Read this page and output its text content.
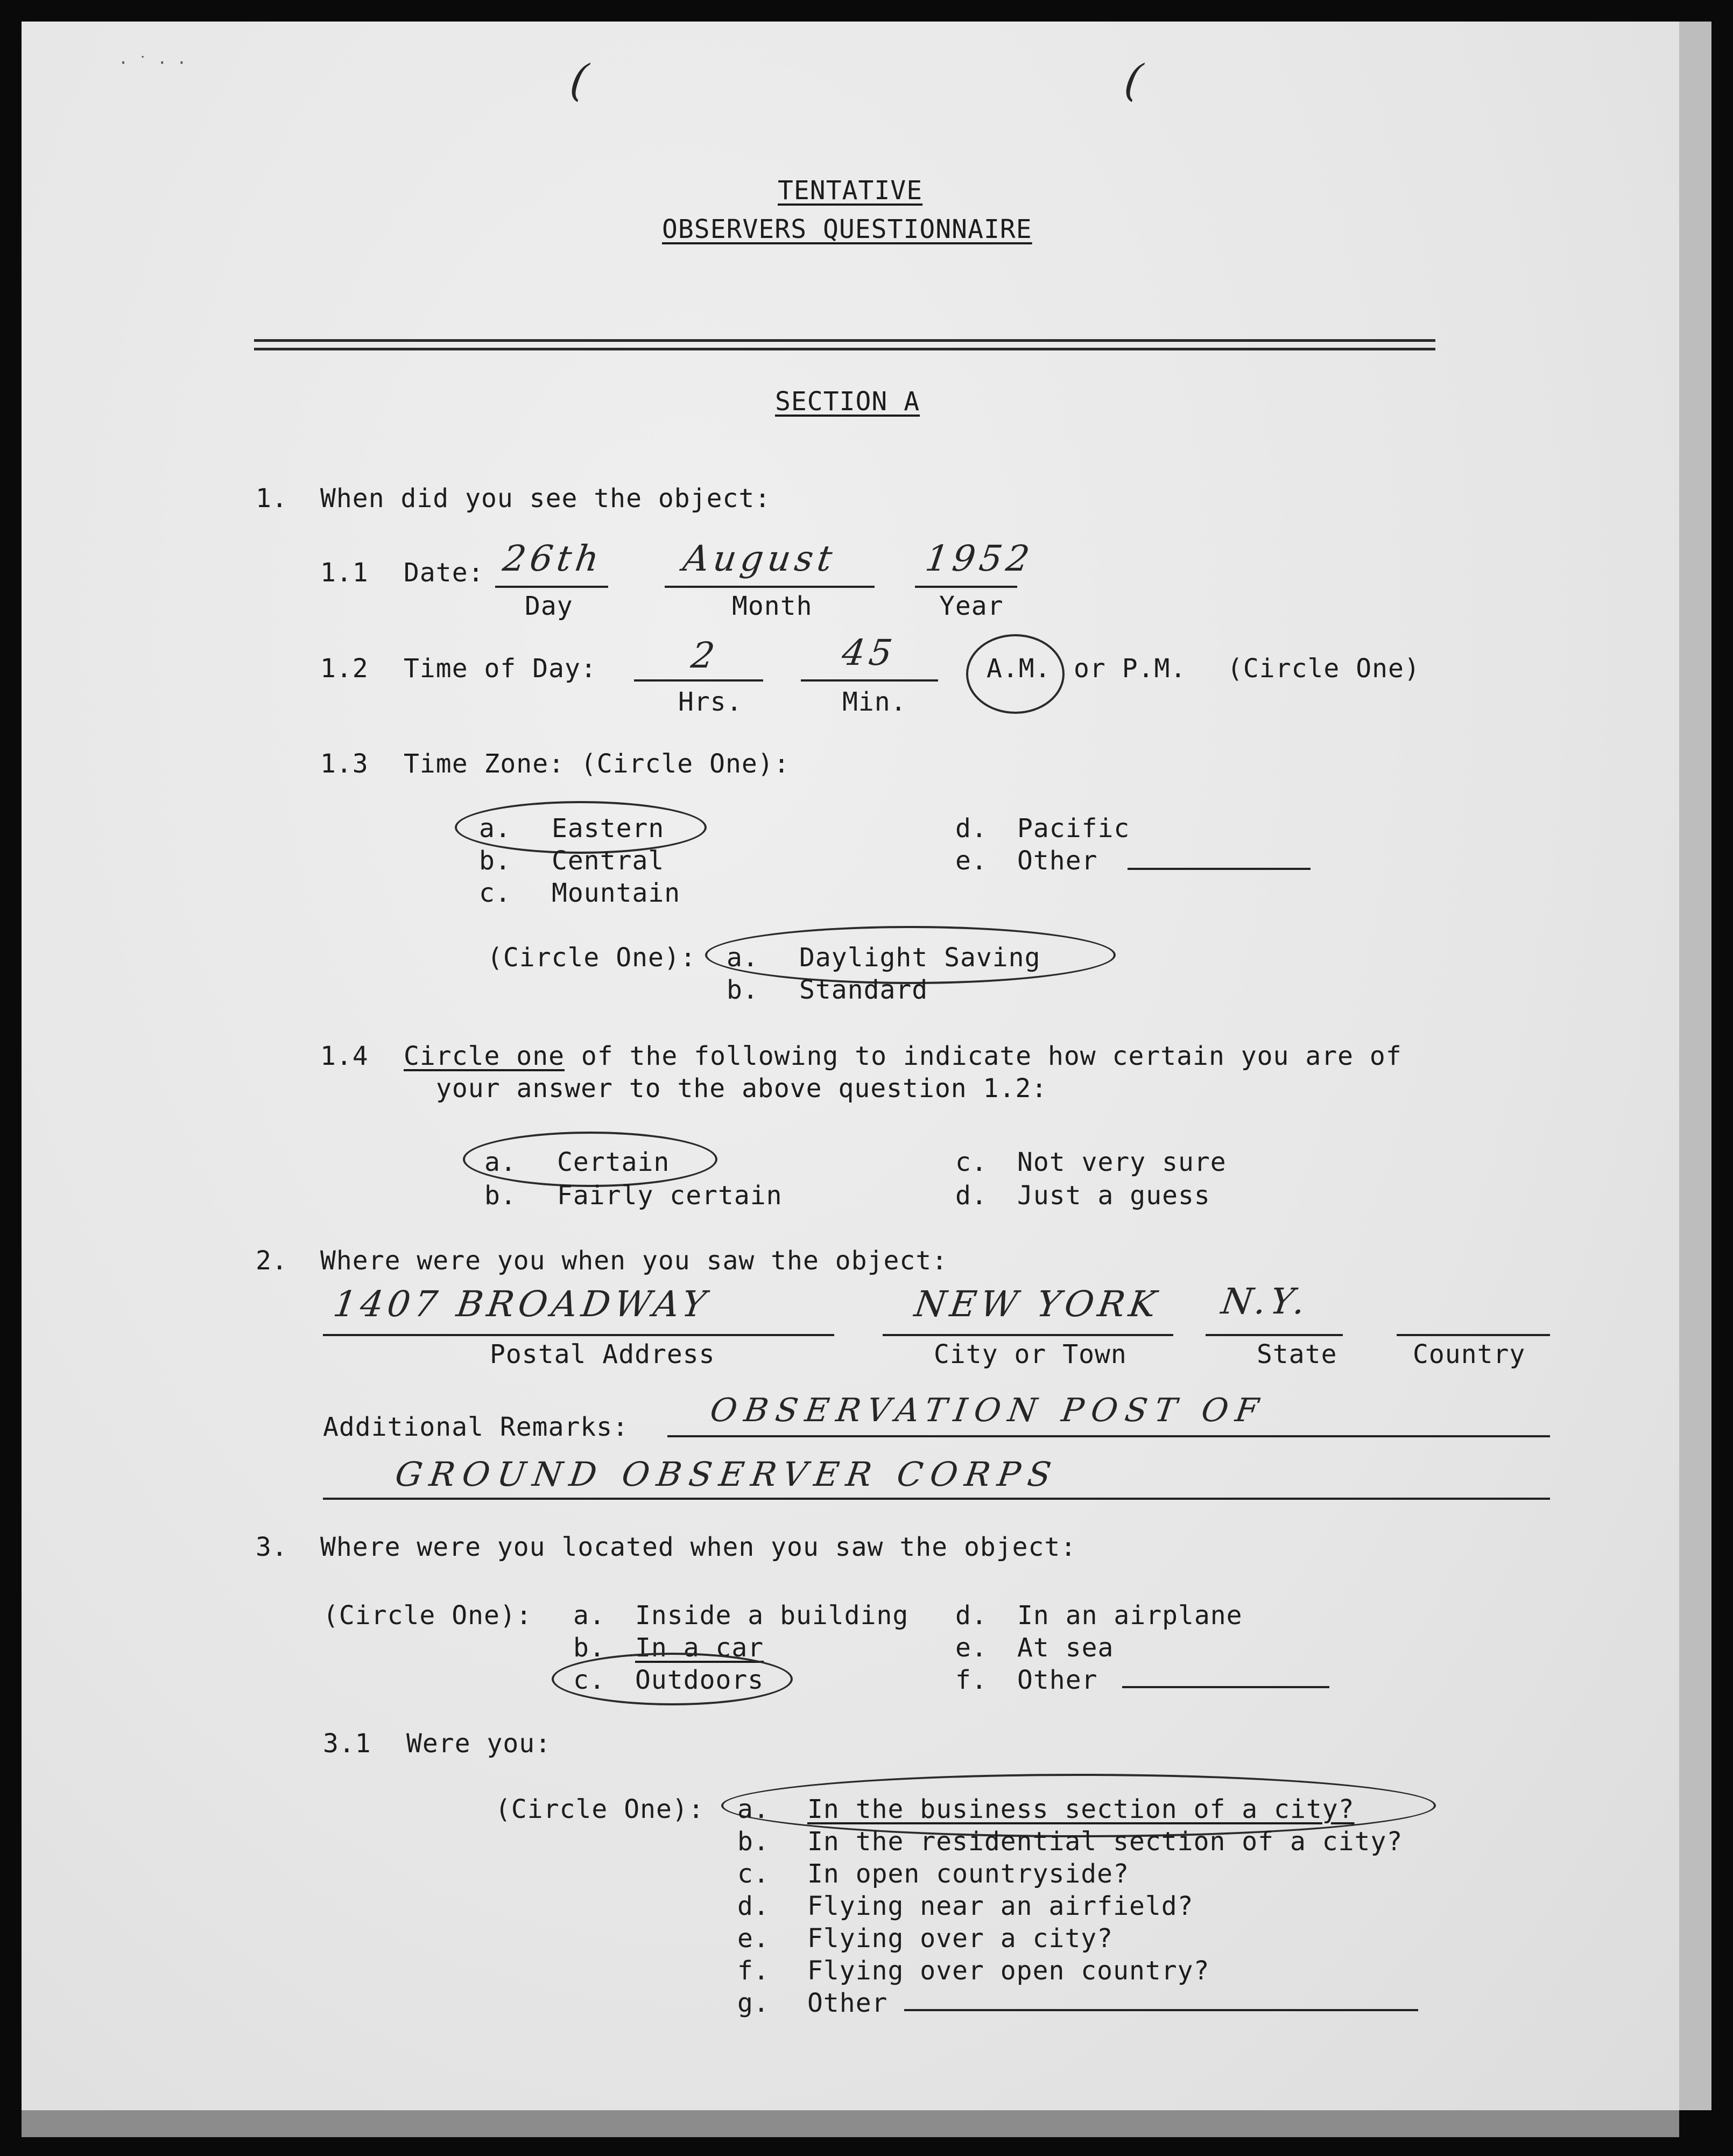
· ˙ · ·	(	(
TENTATIVE
OBSERVERS QUESTIONNAIRE
SECTION A
1. When did you see the object:
1.1 Date: 26th
Day
August
Month
1952
Year
1.2 Time of Day:	2
Hrs.
45
Min.
A.M. or P.M. (Circle One)
1.3 Time Zone: (Circle One):
a. Eastern
b. Central
c. Mountain
d. Pacific
e. Other
(Circle One): a. Daylight Saving
b. Standard
1.4 Circle one of the following to indicate how certain you are of
your answer to the above question 1.2:
a. Certain
b. Fairly certain
c. Not very sure
d. Just a guess
2. Where were you when you saw the object:
1407 BROADWAY
Postal Address
NEW YORK
City or Town
N.Y.
State	Country
Additional Remarks: OBSERVATION POST OF
GROUND OBSERVER CORPS
3. Where were you located when you saw the object:
(Circle One): a. Inside a building
b. In a car
c. Outdoors
d. In an airplane
e. At sea
f. Other
3.1 Were you:
(Circle One): a. In the business section of a city?
b. In the residential section of a city?
c. In open countryside?
d. Flying near an airfield?
e. Flying over a city?
f. Flying over open country?
g. Other
